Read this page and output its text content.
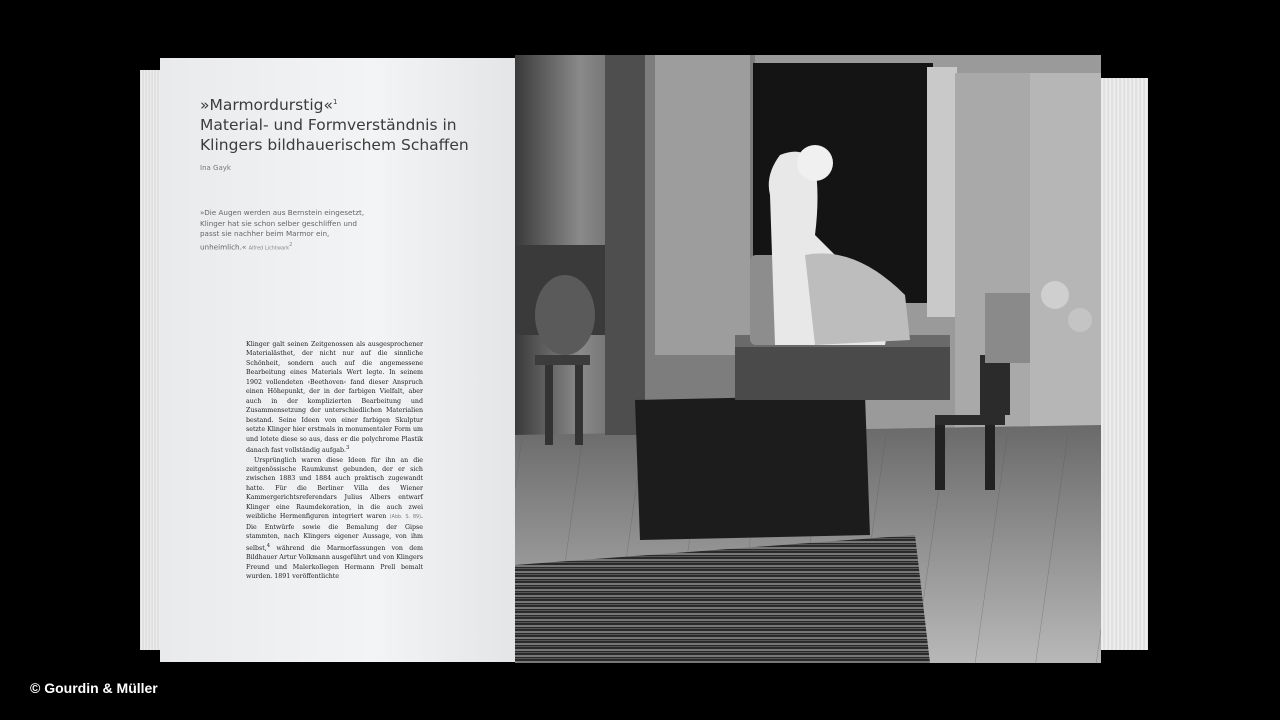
»Marmordurstig«$^1$
Material- und Formverständnis in
Klingers bildhauerischem Schaffen
Ina Gayk
»Die Augen werden aus Bernstein eingesetzt, Klinger hat sie schon selber geschliffen und passt sie nachher beim Marmor ein, unheimlich.« Alfred Lichtwark$^2$

Klinger galt seinen Zeitgenossen als ausgesprochener Materialästhet, der nicht nur auf die sinnliche Schönheit, sondern auch auf die angemessene Bearbeitung eines Materials Wert legte. In seinem 1902 vollendeten ›Beethoven‹ fand dieser Anspruch einen Höhepunkt, der in der farbigen Vielfalt, aber auch in der komplizierten Bearbeitung und Zusammensetzung der unterschiedlichen Materialien bestand. Seine Ideen von einer farbigen Skulptur setzte Klinger hier erstmals in monumentaler Form um und lotete diese so aus, dass er die polychrome Plastik danach fast vollständig aufgab.$^3$

Ursprünglich waren diese Ideen für ihn an die zeitgenössische Raumkunst gebunden, der er sich zwischen 1883 und 1884 auch praktisch zugewandt hatte. Für die Berliner Villa des Wiener Kammergerichtsreferendars Julius Albers entwarf Klinger eine Raumdekoration, in die auch zwei weibliche Hermenfiguren integriert waren (Abb. S. 89). Die Entwürfe sowie die Bemalung der Gipse stammten, nach Klingers eigener Aussage, von ihm selbst,$^4$ während die Marmorfassungen von dem Bildhauer Artur Volkmann ausgeführt und von Klingers Freund und Malerkollegen Hermann Prell bemalt wurden. 1891 veröffentlichte

© Gourdin & Müller
